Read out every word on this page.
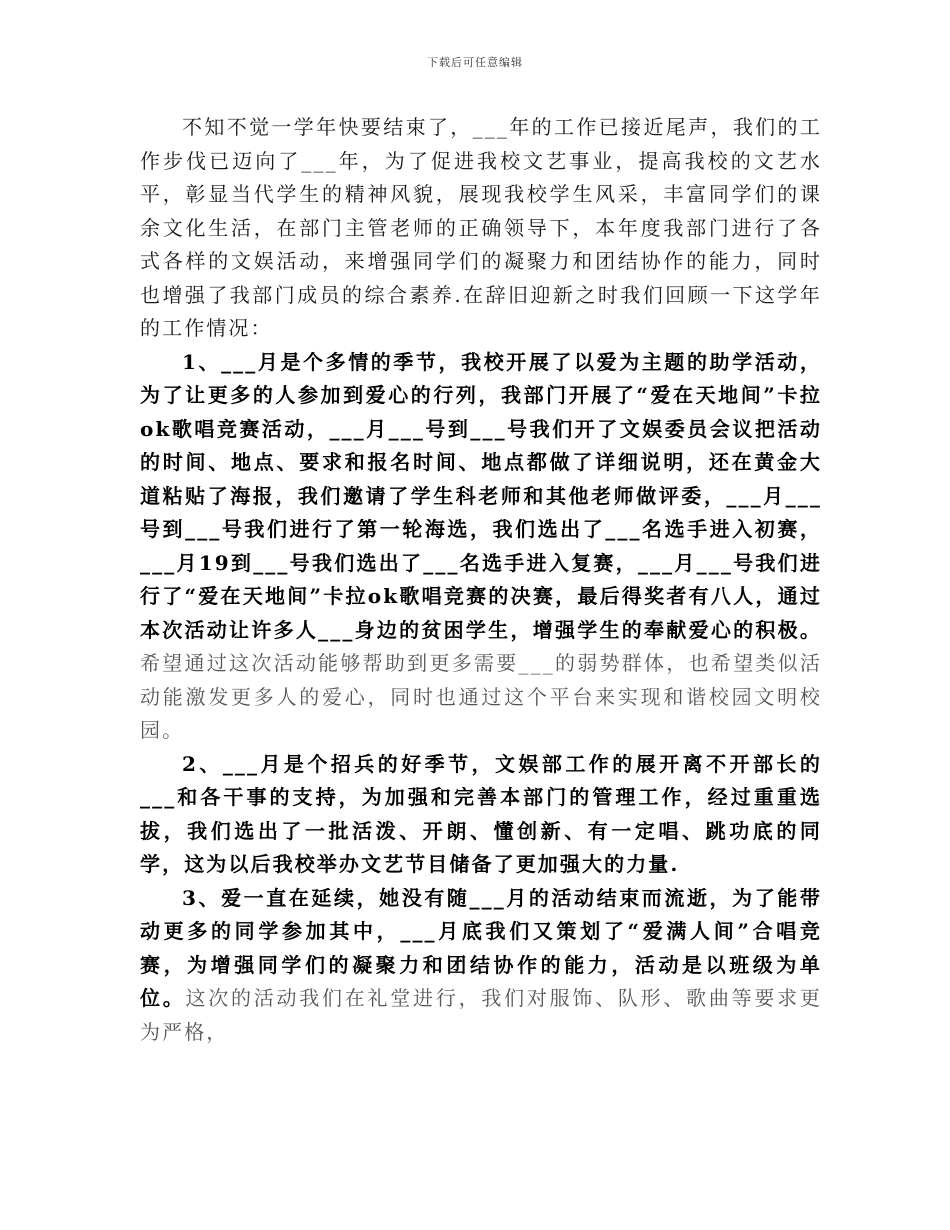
下载后可任意编辑

不知不觉一学年快要结束了，___年的工作已接近尾声，我们的工作步伐已迈向了___年，为了促进我校文艺事业，提高我校的文艺水平，彰显当代学生的精神风貌，展现我校学生风采，丰富同学们的课余文化生活，在部门主管老师的正确领导下，本年度我部门进行了各式各样的文娱活动，来增强同学们的凝聚力和团结协作的能力，同时也增强了我部门成员的综合素养.在辞旧迎新之时我们回顾一下这学年的工作情况：

1、___月是个多情的季节，我校开展了以爱为主题的助学活动，为了让更多的人参加到爱心的行列，我部门开展了“爱在天地间”卡拉ok歌唱竞赛活动，___月___号到___号我们开了文娱委员会议把活动的时间、地点、要求和报名时间、地点都做了详细说明，还在黄金大道粘贴了海报，我们邀请了学生科老师和其他老师做评委，___月___号到___号我们进行了第一轮海选，我们选出了___名选手进入初赛，___月19到___号我们选出了___名选手进入复赛，___月___号我们进行了“爱在天地间”卡拉ok歌唱竞赛的决赛，最后得奖者有八人，通过本次活动让许多人___身边的贫困学生，增强学生的奉献爱心的积极。希望通过这次活动能够帮助到更多需要___的弱势群体，也希望类似活动能激发更多人的爱心，同时也通过这个平台来实现和谐校园文明校园。

2、___月是个招兵的好季节，文娱部工作的展开离不开部长的___和各干事的支持，为加强和完善本部门的管理工作，经过重重选拔，我们选出了一批活泼、开朗、懂创新、有一定唱、跳功底的同学，这为以后我校举办文艺节目储备了更加强大的力量.

3、爱一直在延续，她没有随___月的活动结束而流逝，为了能带动更多的同学参加其中，___月底我们又策划了“爱满人间”合唱竞赛，为增强同学们的凝聚力和团结协作的能力，活动是以班级为单位。这次的活动我们在礼堂进行，我们对服饰、队形、歌曲等要求更为严格，
